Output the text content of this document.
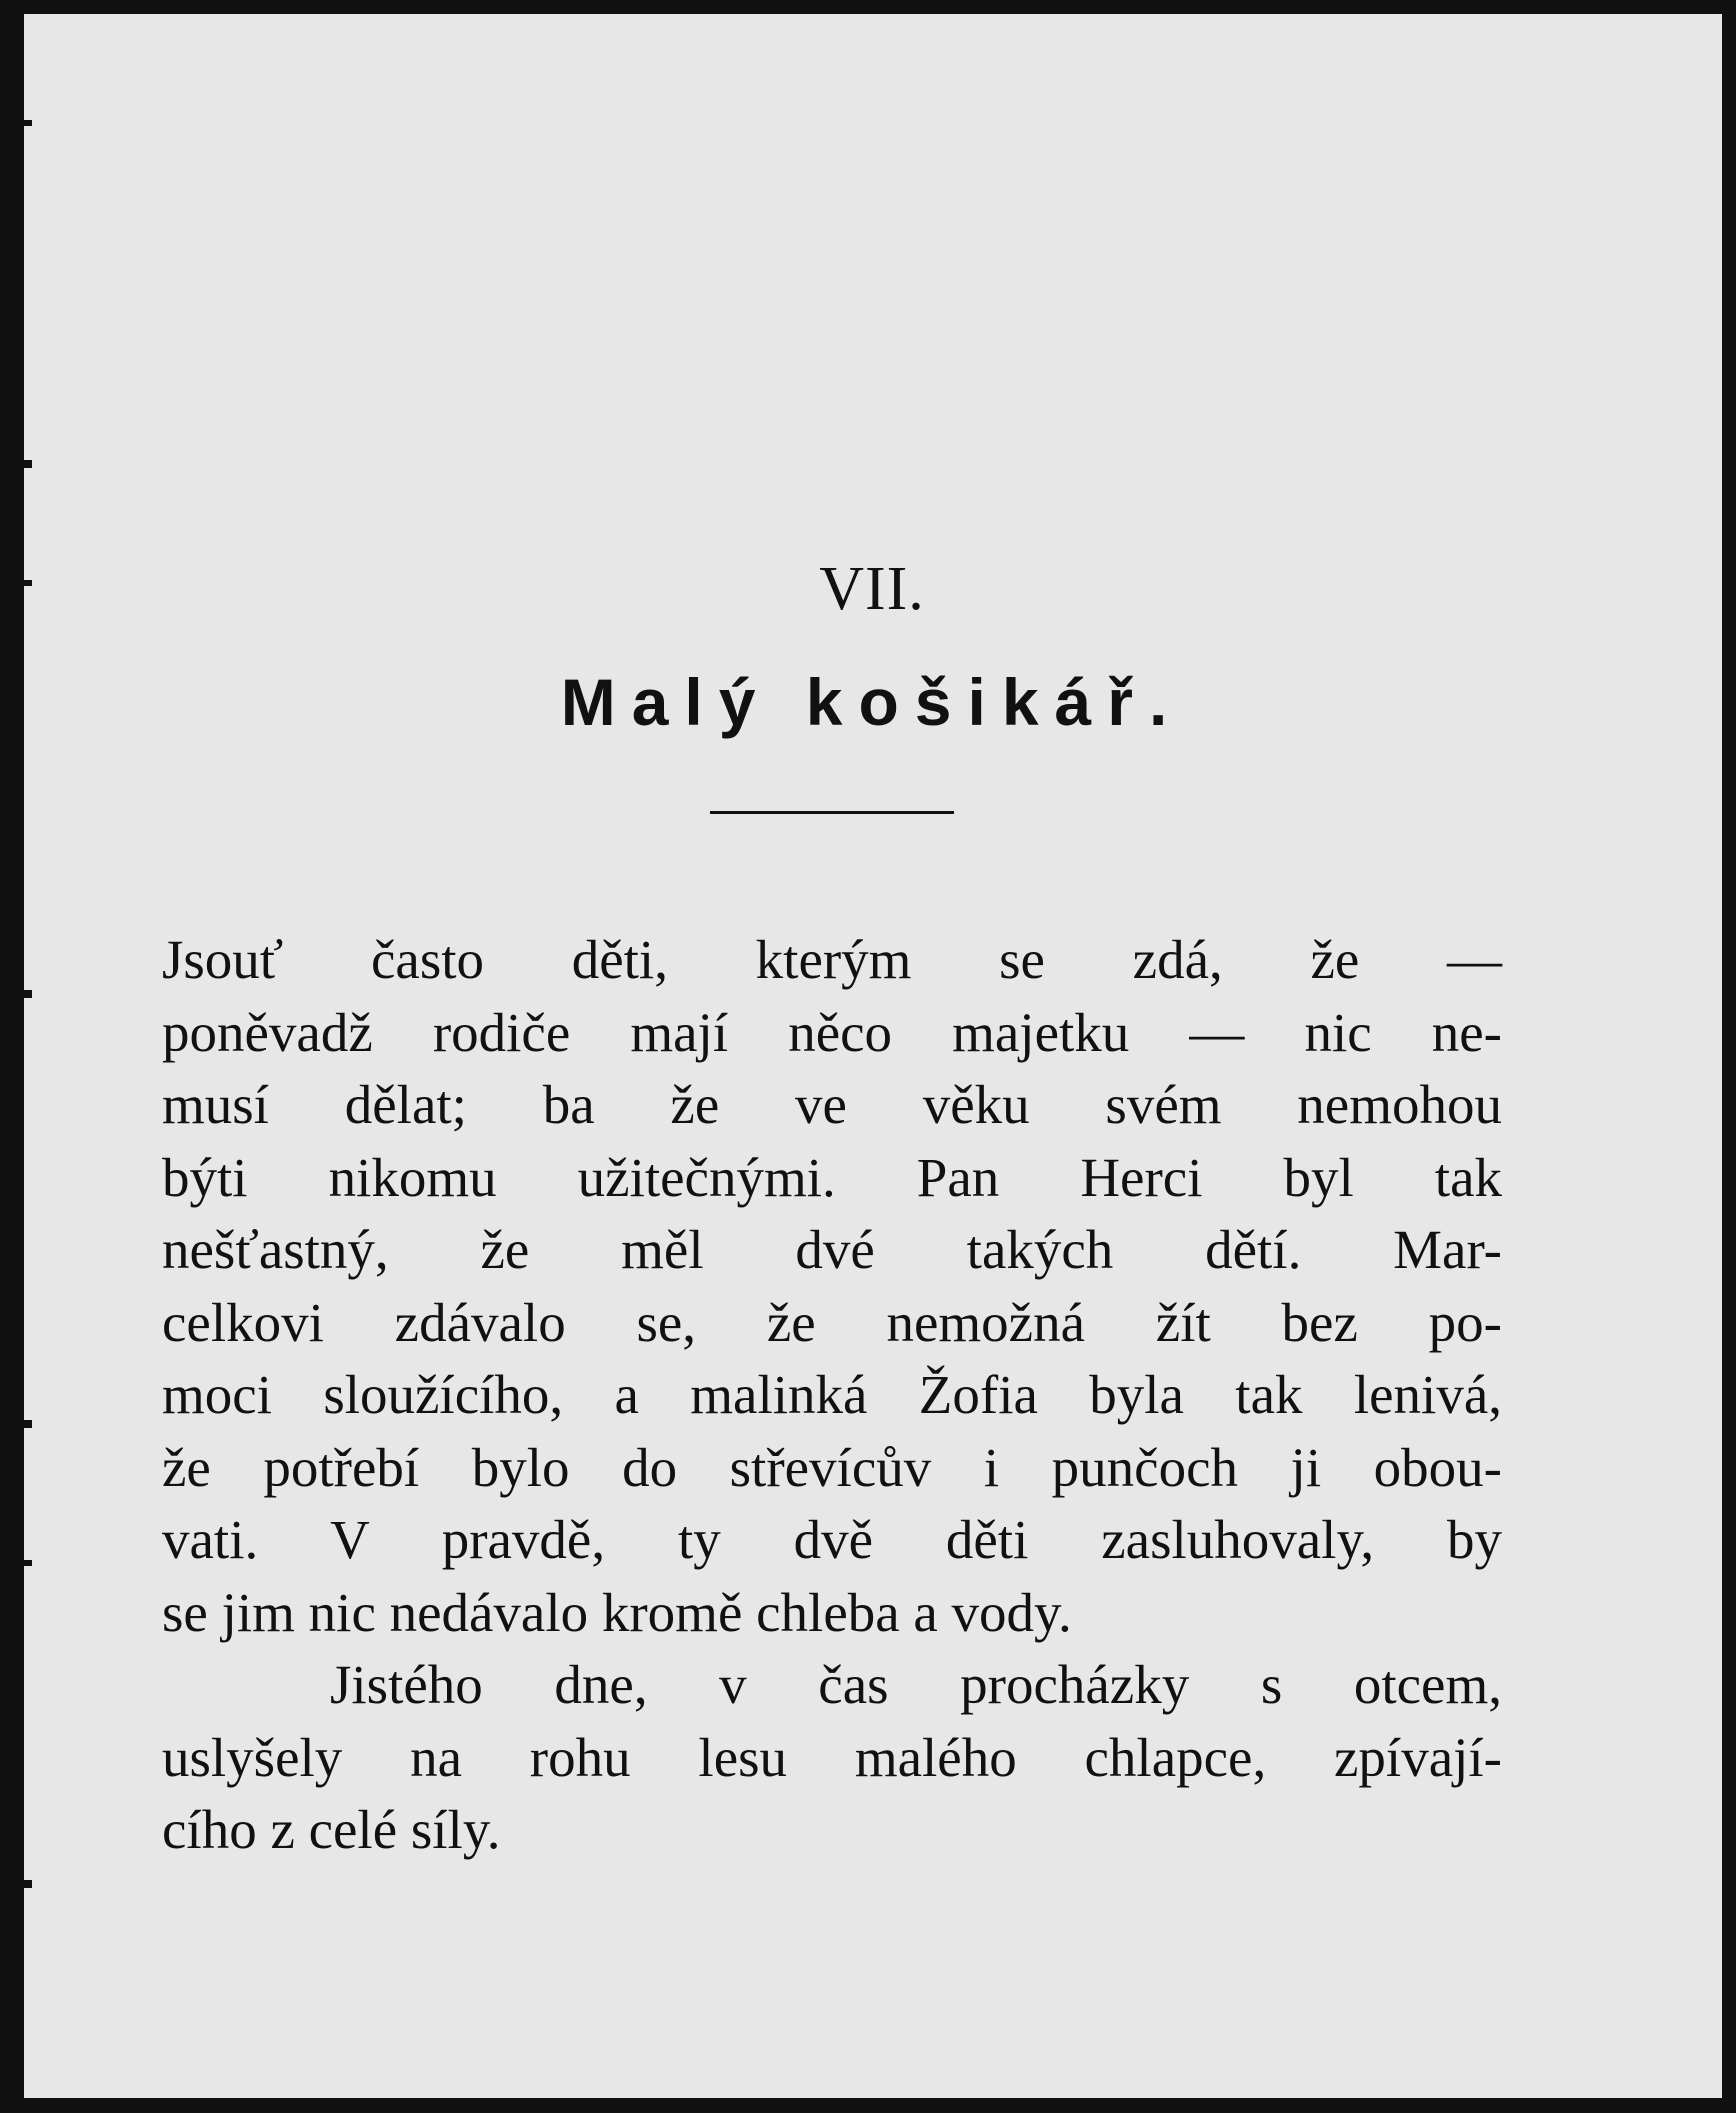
VII.
Malý košikář.
Jsouť často děti, kterým se zdá, že —
poněvadž rodiče mají něco majetku — nic ne-
musí dělat; ba že ve věku svém nemohou
býti nikomu užitečnými. Pan Herci byl tak
nešťastný, že měl dvé takých dětí. Mar-
celkovi zdávalo se, že nemožná žít bez po-
moci sloužícího, a malinká Žofia byla tak lenivá,
že potřebí bylo do střevícův i punčoch ji obou-
vati. V pravdě, ty dvě děti zasluhovaly, by
se jim nic nedávalo kromě chleba a vody.
Jistého dne, v čas procházky s otcem,
uslyšely na rohu lesu malého chlapce, zpívají-
cího z celé síly.
